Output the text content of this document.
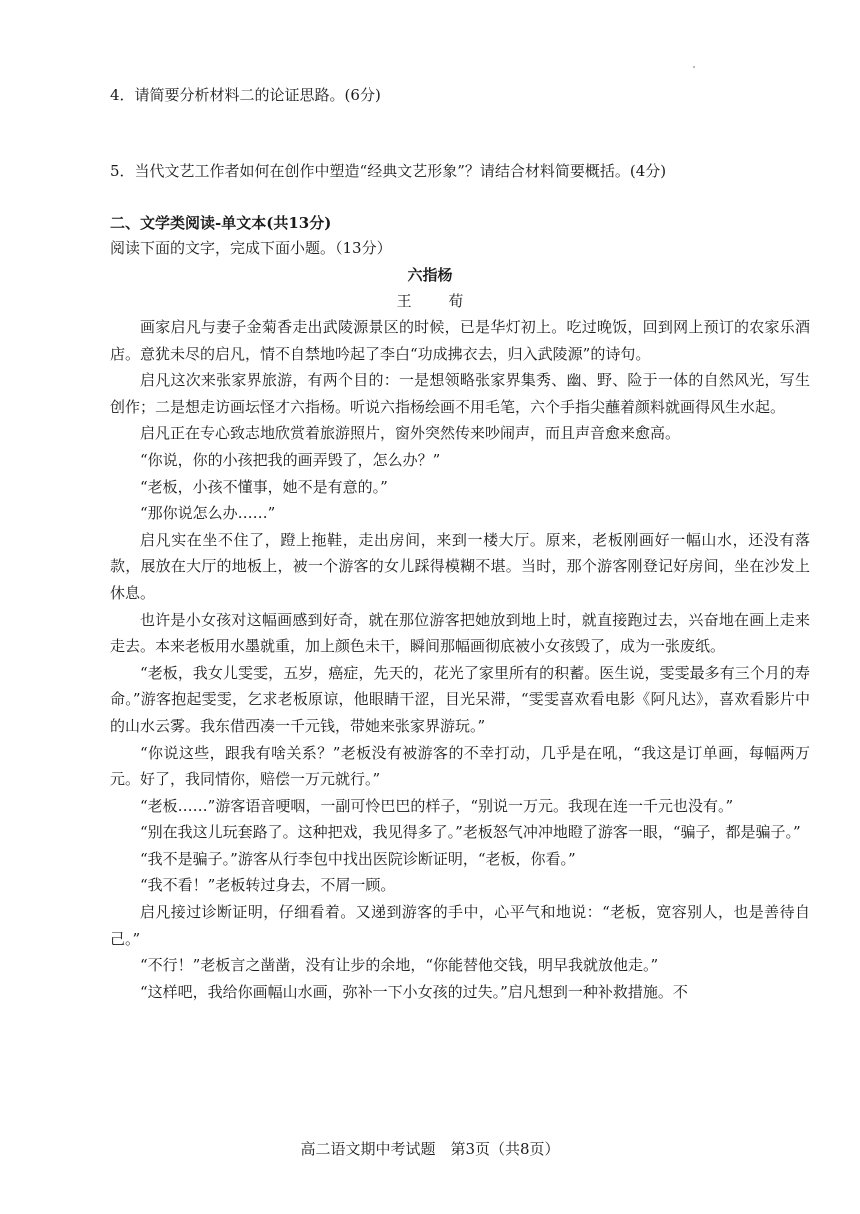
4．请简要分析材料二的论证思路。(6分)
5．当代文艺工作者如何在创作中塑造“经典文艺形象”？请结合材料简要概括。(4分)
二、文学类阅读-单文本(共13分)
阅读下面的文字，完成下面小题。（13分）
六指杨
王 荀

画家启凡与妻子金菊香走出武陵源景区的时候，已是华灯初上。吃过晚饭，回到网上预订的农家乐酒店。意犹未尽的启凡，情不自禁地吟起了李白“功成拂衣去，归入武陵源”的诗句。

启凡这次来张家界旅游，有两个目的：一是想领略张家界集秀、幽、野、险于一体的自然风光，写生创作；二是想走访画坛怪才六指杨。听说六指杨绘画不用毛笔，六个手指尖蘸着颜料就画得风生水起。

启凡正在专心致志地欣赏着旅游照片，窗外突然传来吵闹声，而且声音愈来愈高。

“你说，你的小孩把我的画弄毁了，怎么办？”

“老板，小孩不懂事，她不是有意的。”

“那你说怎么办……”

启凡实在坐不住了，蹬上拖鞋，走出房间，来到一楼大厅。原来，老板刚画好一幅山水，还没有落款，展放在大厅的地板上，被一个游客的女儿踩得模糊不堪。当时，那个游客刚登记好房间，坐在沙发上休息。

也许是小女孩对这幅画感到好奇，就在那位游客把她放到地上时，就直接跑过去，兴奋地在画上走来走去。本来老板用水墨就重，加上颜色未干，瞬间那幅画彻底被小女孩毁了，成为一张废纸。

“老板，我女儿雯雯，五岁，癌症，先天的，花光了家里所有的积蓄。医生说，雯雯最多有三个月的寿命。”游客抱起雯雯，乞求老板原谅，他眼睛干涩，目光呆滞，“雯雯喜欢看电影《阿凡达》，喜欢看影片中的山水云雾。我东借西凑一千元钱，带她来张家界游玩。”

“你说这些，跟我有啥关系？”老板没有被游客的不幸打动，几乎是在吼，“我这是订单画，每幅两万元。好了，我同情你，赔偿一万元就行。”

“老板……”游客语音哽咽，一副可怜巴巴的样子，“别说一万元。我现在连一千元也没有。”

“别在我这儿玩套路了。这种把戏，我见得多了。”老板怒气冲冲地瞪了游客一眼，“骗子，都是骗子。”

“我不是骗子。”游客从行李包中找出医院诊断证明，“老板，你看。”

“我不看！”老板转过身去，不屑一顾。

启凡接过诊断证明，仔细看着。又递到游客的手中，心平气和地说：“老板，宽容别人，也是善待自己。”

“不行！”老板言之凿凿，没有让步的余地，“你能替他交钱，明早我就放他走。”

“这样吧，我给你画幅山水画，弥补一下小女孩的过失。”启凡想到一种补救措施。不

高二语文期中考试题　第3页（共8页）
